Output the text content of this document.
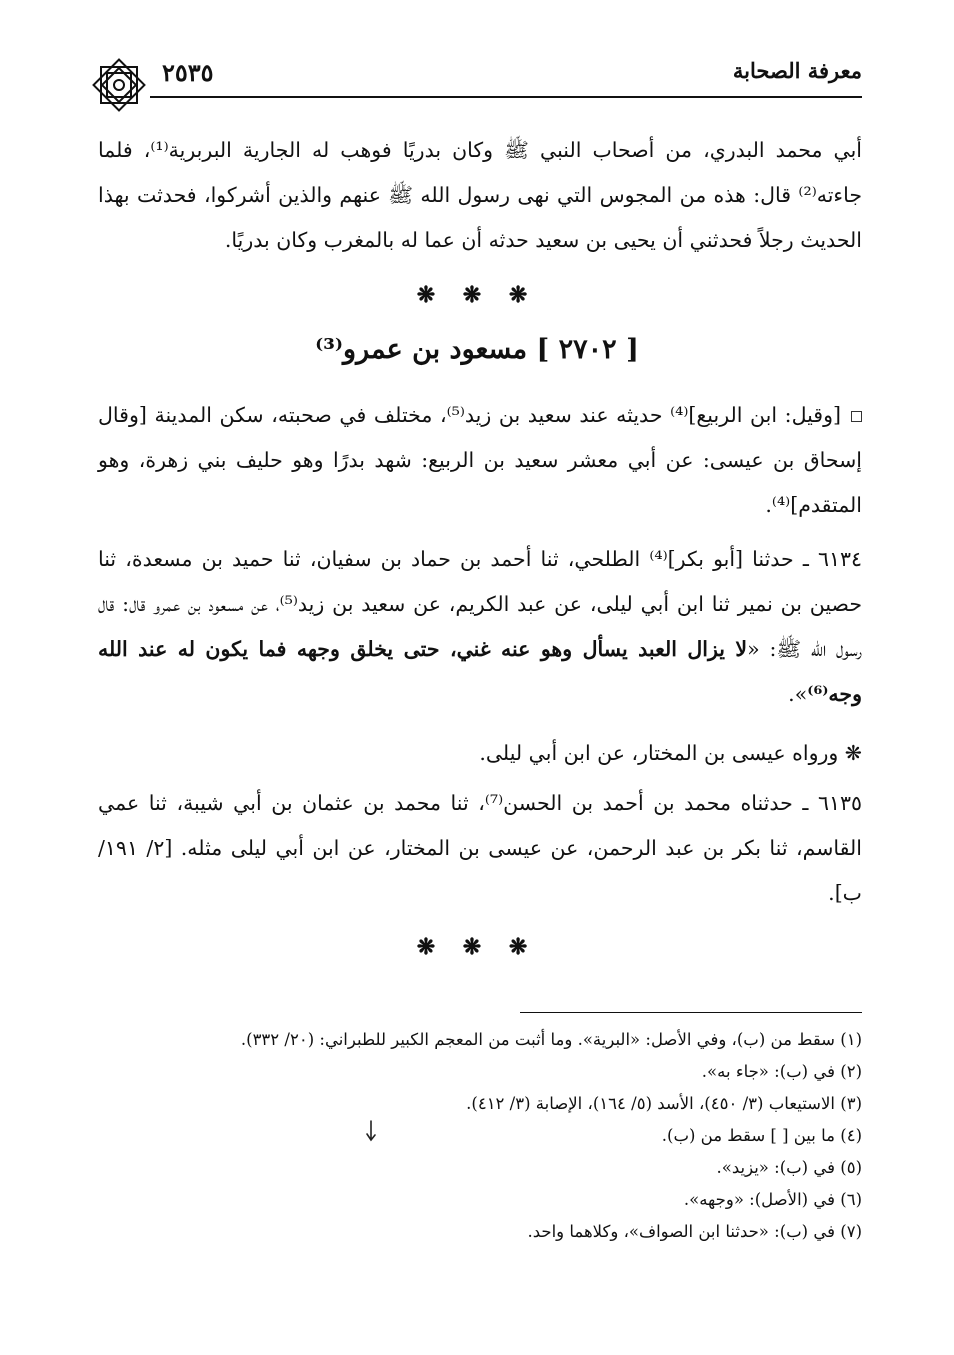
معرفة الصحابة
٢٥٣٥

أبي محمد البدري، من أصحاب النبي ﷺ وكان بدريًا فوهب له الجارية البربرية⁽¹⁾، فلما جاءته⁽²⁾ قال: هذه من المجوس التي نهى رسول الله ﷺ عنهم والذين أشركوا، فحدثت بهذا الحديث رجلاً فحدثني أن يحيى بن سعيد حدثه أن عما له بالمغرب وكان بدريًا.

❋ ❋ ❋
[ ٢٧٠٢ ] مسعود بن عمرو⁽³⁾

[وقيل: ابن الربيع]⁽⁴⁾ حديثه عند سعيد بن زيد⁽⁵⁾، مختلف في صحبته، سكن المدينة [وقال إسحاق بن عيسى: عن أبي معشر سعيد بن الربيع: شهد بدرًا وهو حليف بني زهرة، وهو المتقدم]⁽⁴⁾.

٦١٣٤ ـ حدثنا [أبو بكر]⁽⁴⁾ الطلحي، ثنا أحمد بن حماد بن سفيان، ثنا حميد بن مسعدة، ثنا حصين بن نمير ثنا ابن أبي ليلى، عن عبد الكريم، عن سعيد بن زيد⁽⁵⁾، عن مسعود بن عمرو قال: قال رسول الله ﷺ: «لا يزال العبد يسأل وهو عنه غني، حتى يخلق وجهه فما يكون له عند الله وجه⁽⁶⁾».

❋ ورواه عيسى بن المختار، عن ابن أبي ليلى.

٦١٣٥ ـ حدثناه محمد بن أحمد بن الحسن⁽⁷⁾، ثنا محمد بن عثمان بن أبي شيبة، ثنا عمي القاسم، ثنا بكر بن عبد الرحمن، عن عيسى بن المختار، عن ابن أبي ليلى مثله. [٢/ ١٩١/ ب].

❋ ❋ ❋
(١) سقط من (ب)، وفي الأصل: «البرية». وما أثبت من المعجم الكبير للطبراني: (٢٠/ ٣٣٢).
(٢) في (ب): «جاء به».
(٣) الاستيعاب (٣/ ٤٥٠)، الأسد (٥/ ١٦٤)، الإصابة (٣/ ٤١٢).
(٤) ما بين [ ] سقط من (ب).
(٥) في (ب): «يزيد».
(٦) في (الأصل): «وجهه».
(٧) في (ب): «حدثنا ابن الصواف»، وكلاهما واحد.
